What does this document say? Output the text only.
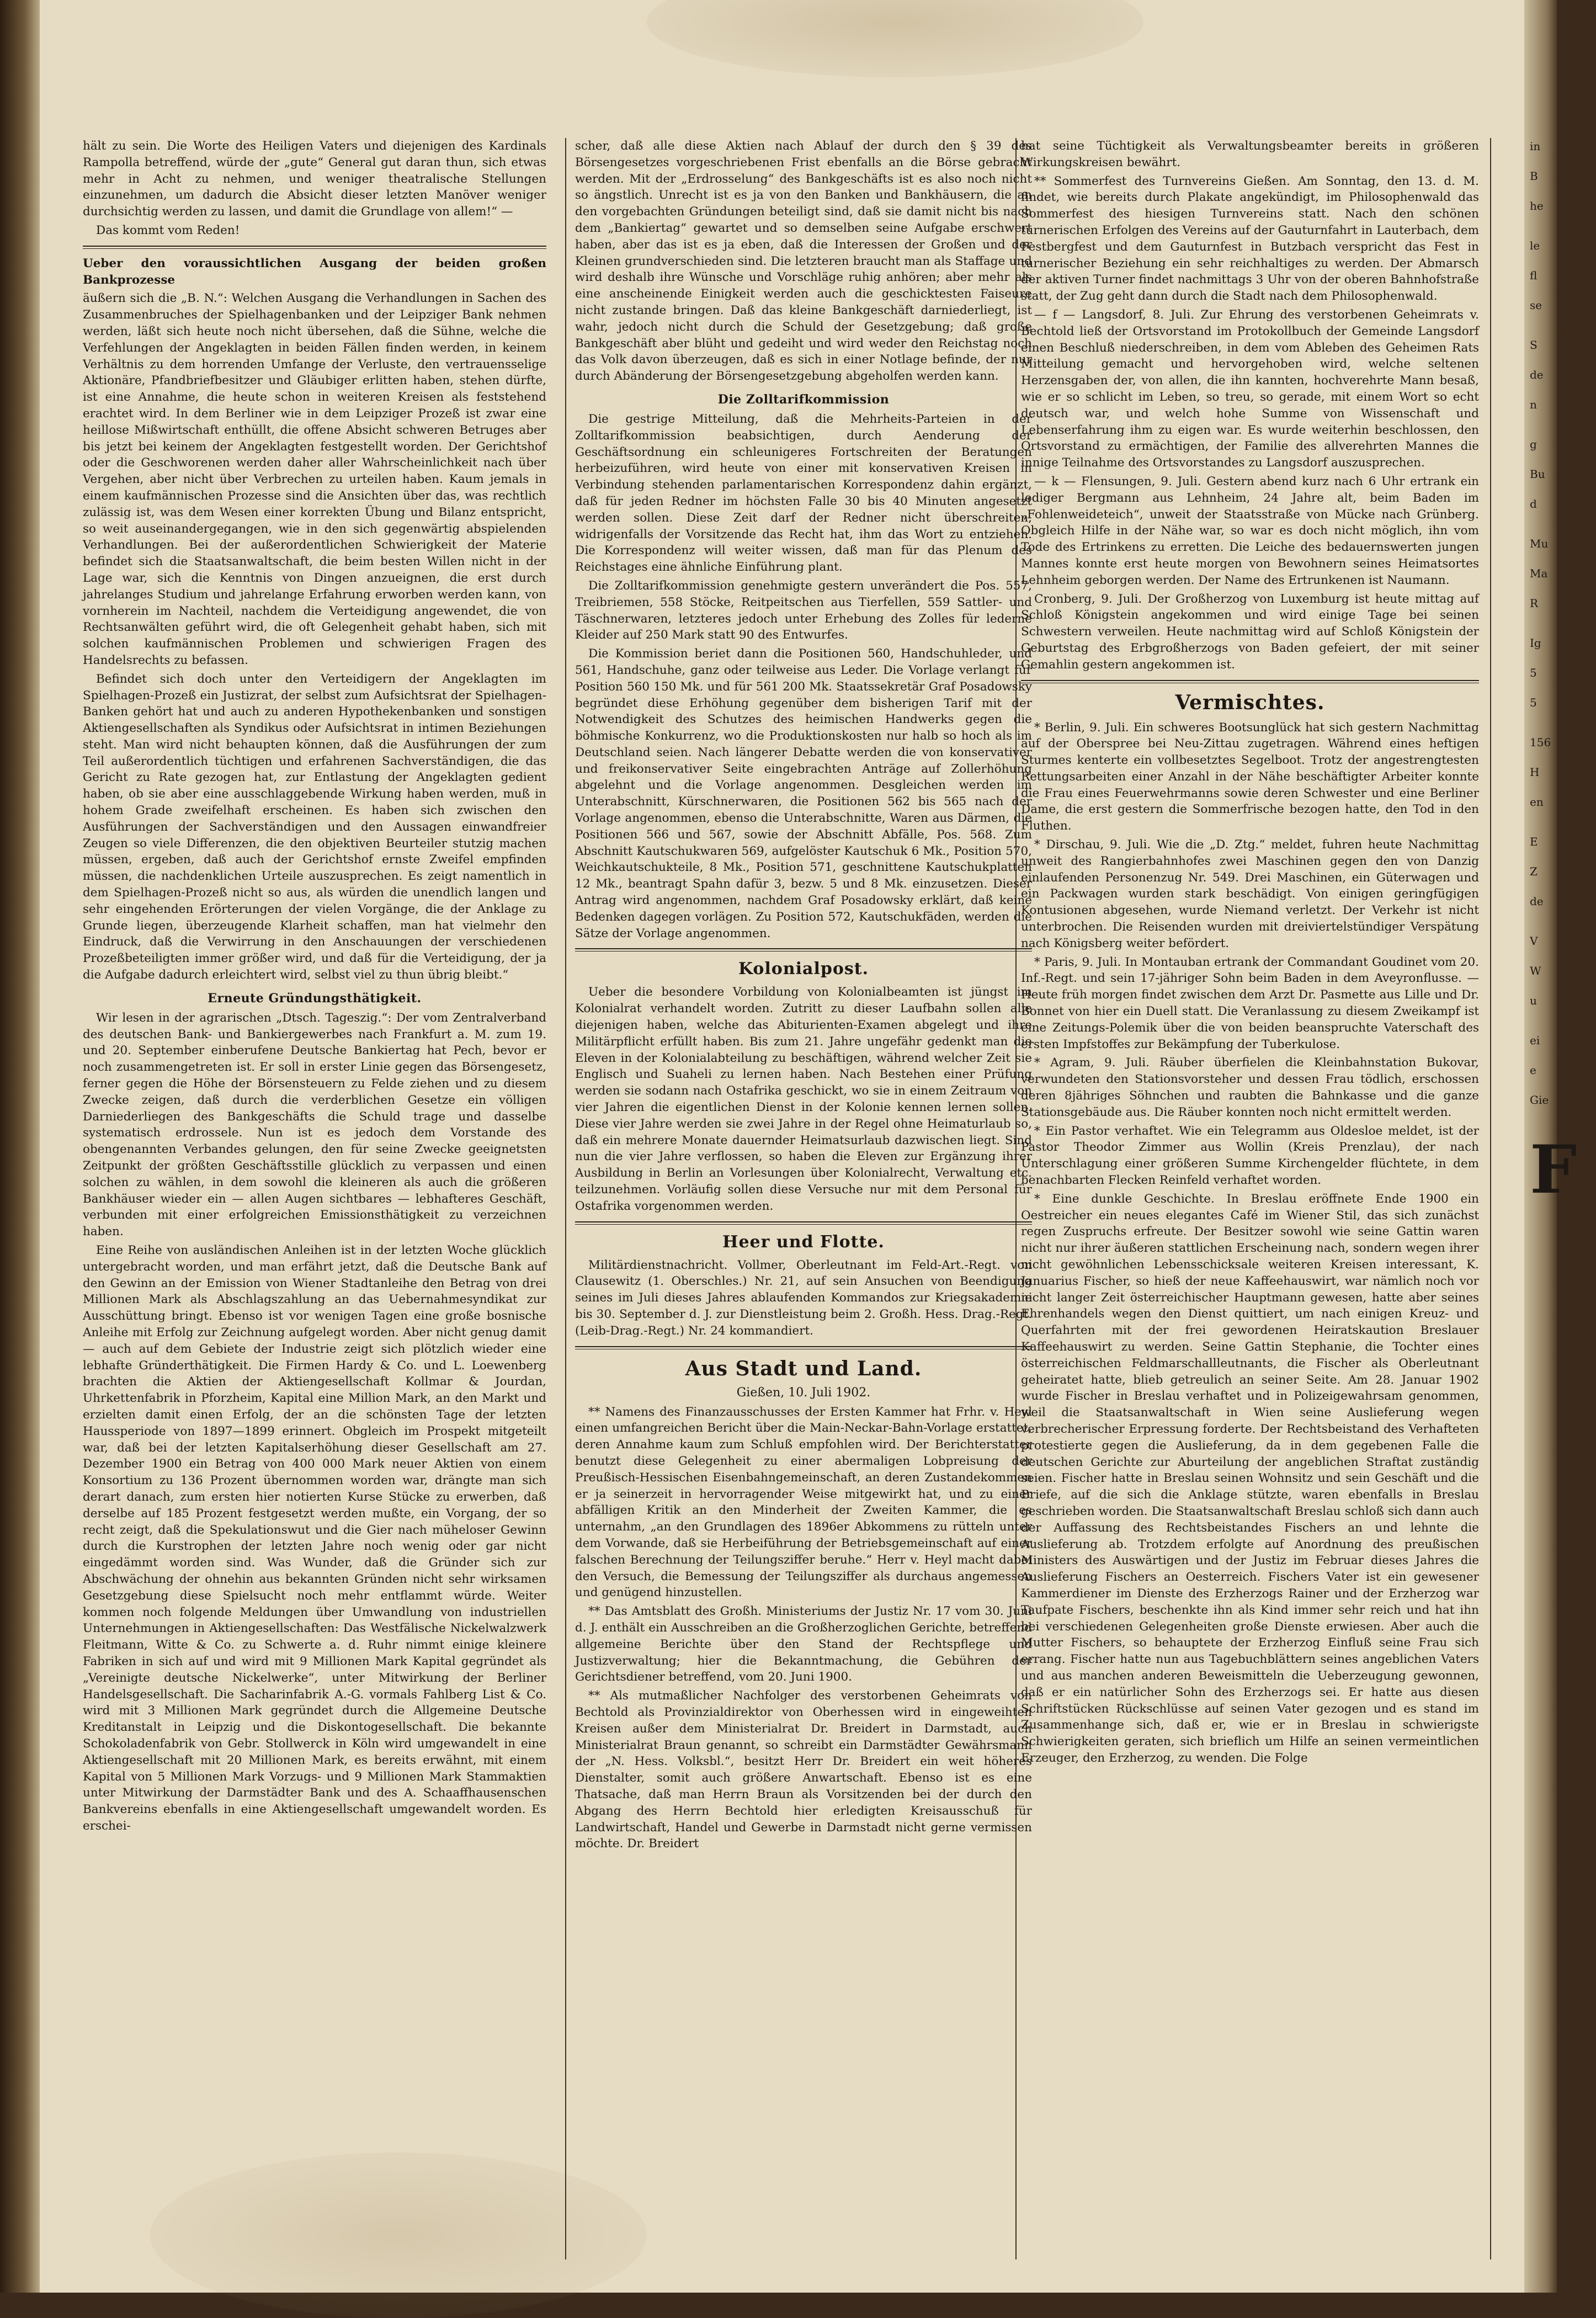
hält zu sein. Die Worte des Heiligen Vaters und diejenigen des Kardinals Rampolla betreffend, würde der „gute“ General gut daran thun, sich etwas mehr in Acht zu nehmen, und weniger theatralische Stellungen einzunehmen, um dadurch die Absicht dieser letzten Manöver weniger durchsichtig werden zu lassen, und damit die Grundlage von allem!“ —

Das kommt vom Reden!

Ueber den voraussichtlichen Ausgang der beiden großen Bankprozesse

äußern sich die „B. N.“: Welchen Ausgang die Verhandlungen in Sachen des Zusammenbruches der Spielhagenbanken und der Leipziger Bank nehmen werden, läßt sich heute noch nicht übersehen, daß die Sühne, welche die Verfehlungen der Angeklagten in beiden Fällen finden werden, in keinem Verhältnis zu dem horrenden Umfange der Verluste, den vertrauensselige Aktionäre, Pfandbriefbesitzer und Gläubiger erlitten haben, stehen dürfte, ist eine Annahme, die heute schon in weiteren Kreisen als feststehend erachtet wird. In dem Berliner wie in dem Leipziger Prozeß ist zwar eine heillose Mißwirtschaft enthüllt, die offene Absicht schweren Betruges aber bis jetzt bei keinem der Angeklagten festgestellt worden. Der Gerichtshof oder die Geschworenen werden daher aller Wahrscheinlichkeit nach über Vergehen, aber nicht über Verbrechen zu urteilen haben. Kaum jemals in einem kaufmännischen Prozesse sind die Ansichten über das, was rechtlich zulässig ist, was dem Wesen einer korrekten Übung und Bilanz entspricht, so weit auseinandergegangen, wie in den sich gegenwärtig abspielenden Verhandlungen. Bei der außerordentlichen Schwierigkeit der Materie befindet sich die Staatsanwaltschaft, die beim besten Willen nicht in der Lage war, sich die Kenntnis von Dingen anzueignen, die erst durch jahrelanges Studium und jahrelange Erfahrung erworben werden kann, von vornherein im Nachteil, nachdem die Verteidigung angewendet, die von Rechtsanwälten geführt wird, die oft Gelegenheit gehabt haben, sich mit solchen kaufmännischen Problemen und schwierigen Fragen des Handelsrechts zu befassen.

Befindet sich doch unter den Verteidigern der Angeklagten im Spielhagen-Prozeß ein Justizrat, der selbst zum Aufsichtsrat der Spielhagen-Banken gehört hat und auch zu anderen Hypothekenbanken und sonstigen Aktiengesellschaften als Syndikus oder Aufsichtsrat in intimen Beziehungen steht. Man wird nicht behaupten können, daß die Ausführungen der zum Teil außerordentlich tüchtigen und erfahrenen Sachverständigen, die das Gericht zu Rate gezogen hat, zur Entlastung der Angeklagten gedient haben, ob sie aber eine ausschlaggebende Wirkung haben werden, muß in hohem Grade zweifelhaft erscheinen. Es haben sich zwischen den Ausführungen der Sachverständigen und den Aussagen einwandfreier Zeugen so viele Differenzen, die den objektiven Beurteiler stutzig machen müssen, ergeben, daß auch der Gerichtshof ernste Zweifel empfinden müssen, die nachdenklichen Urteile auszusprechen. Es zeigt namentlich in dem Spielhagen-Prozeß nicht so aus, als würden die unendlich langen und sehr eingehenden Erörterungen der vielen Vorgänge, die der Anklage zu Grunde liegen, überzeugende Klarheit schaffen, man hat vielmehr den Eindruck, daß die Verwirrung in den Anschauungen der verschiedenen Prozeßbeteiligten immer größer wird, und daß für die Verteidigung, der ja die Aufgabe dadurch erleichtert wird, selbst viel zu thun übrig bleibt.“

Erneute Gründungsthätigkeit.

Wir lesen in der agrarischen „Dtsch. Tageszig.“: Der vom Zentralverband des deutschen Bank- und Bankiergewerbes nach Frankfurt a. M. zum 19. und 20. September einberufene Deutsche Bankiertag hat Pech, bevor er noch zusammengetreten ist. Er soll in erster Linie gegen das Börsengesetz, ferner gegen die Höhe der Börsensteuern zu Felde ziehen und zu diesem Zwecke zeigen, daß durch die verderblichen Gesetze ein völligen Darniederliegen des Bankgeschäfts die Schuld trage und dasselbe systematisch erdrossele. Nun ist es jedoch dem Vorstande des obengenannten Verbandes gelungen, den für seine Zwecke geeignetsten Zeitpunkt der größten Geschäftsstille glücklich zu verpassen und einen solchen zu wählen, in dem sowohl die kleineren als auch die größeren Bankhäuser wieder ein — allen Augen sichtbares — lebhafteres Geschäft, verbunden mit einer erfolgreichen Emissionsthätigkeit zu verzeichnen haben.

Eine Reihe von ausländischen Anleihen ist in der letzten Woche glücklich untergebracht worden, und man erfährt jetzt, daß die Deutsche Bank auf den Gewinn an der Emission von Wiener Stadtanleihe den Betrag von drei Millionen Mark als Abschlagszahlung an das Uebernahmesyndikat zur Ausschüttung bringt. Ebenso ist vor wenigen Tagen eine große bosnische Anleihe mit Erfolg zur Zeichnung aufgelegt worden. Aber nicht genug damit — auch auf dem Gebiete der Industrie zeigt sich plötzlich wieder eine lebhafte Gründerthätigkeit. Die Firmen Hardy & Co. und L. Loewenberg brachten die Aktien der Aktiengesellschaft Kollmar & Jourdan, Uhrkettenfabrik in Pforzheim, Kapital eine Million Mark, an den Markt und erzielten damit einen Erfolg, der an die schönsten Tage der letzten Haussperiode von 1897—1899 erinnert. Obgleich im Prospekt mitgeteilt war, daß bei der letzten Kapitalserhöhung dieser Gesellschaft am 27. Dezember 1900 ein Betrag von 400 000 Mark neuer Aktien von einem Konsortium zu 136 Prozent übernommen worden war, drängte man sich derart danach, zum ersten hier notierten Kurse Stücke zu erwerben, daß derselbe auf 185 Prozent festgesetzt werden mußte, ein Vorgang, der so recht zeigt, daß die Spekulationswut und die Gier nach müheloser Gewinn durch die Kurstrophen der letzten Jahre noch wenig oder gar nicht eingedämmt worden sind. Was Wunder, daß die Gründer sich zur Abschwächung der ohnehin aus bekannten Gründen nicht sehr wirksamen Gesetzgebung diese Spielsucht noch mehr entflammt würde. Weiter kommen noch folgende Meldungen über Umwandlung von industriellen Unternehmungen in Aktiengesellschaften: Das Westfälische Nickelwalzwerk Fleitmann, Witte & Co. zu Schwerte a. d. Ruhr nimmt einige kleinere Fabriken in sich auf und wird mit 9 Millionen Mark Kapital gegründet als „Vereinigte deutsche Nickelwerke“, unter Mitwirkung der Berliner Handelsgesellschaft. Die Sacharinfabrik A.-G. vormals Fahlberg List & Co. wird mit 3 Millionen Mark gegründet durch die Allgemeine Deutsche Kreditanstalt in Leipzig und die Diskontogesellschaft. Die bekannte Schokoladenfabrik von Gebr. Stollwerck in Köln wird umgewandelt in eine Aktiengesellschaft mit 20 Millionen Mark, es bereits erwähnt, mit einem Kapital von 5 Millionen Mark Vorzugs- und 9 Millionen Mark Stammaktien unter Mitwirkung der Darmstädter Bank und des A. Schaaffhausenschen Bankvereins ebenfalls in eine Aktiengesellschaft umgewandelt worden. Es erschei-

scher, daß alle diese Aktien nach Ablauf der durch den § 39 des Börsengesetzes vorgeschriebenen Frist ebenfalls an die Börse gebracht werden. Mit der „Erdrosselung“ des Bankgeschäfts ist es also noch nicht so ängstlich. Unrecht ist es ja von den Banken und Bankhäusern, die an den vorgebachten Gründungen beteiligt sind, daß sie damit nicht bis nach dem „Bankiertag“ gewartet und so demselben seine Aufgabe erschwert haben, aber das ist es ja eben, daß die Interessen der Großen und der Kleinen grundverschieden sind. Die letzteren braucht man als Staffage und wird deshalb ihre Wünsche und Vorschläge ruhig anhören; aber mehr als eine anscheinende Einigkeit werden auch die geschicktesten Faiseure nicht zustande bringen. Daß das kleine Bankgeschäft darniederliegt, ist wahr, jedoch nicht durch die Schuld der Gesetzgebung; daß große Bankgeschäft aber blüht und gedeiht und wird weder den Reichstag noch das Volk davon überzeugen, daß es sich in einer Notlage befinde, der nur durch Abänderung der Börsengesetzgebung abgeholfen werden kann.

Die Zolltarifkommission

Die gestrige Mitteilung, daß die Mehrheits-Parteien in der Zolltarifkommission beabsichtigen, durch Aenderung der Geschäftsordnung ein schleunigeres Fortschreiten der Beratungen herbeizuführen, wird heute von einer mit konservativen Kreisen in Verbindung stehenden parlamentarischen Korrespondenz dahin ergänzt, daß für jeden Redner im höchsten Falle 30 bis 40 Minuten angesetzt werden sollen. Diese Zeit darf der Redner nicht überschreiten, widrigenfalls der Vorsitzende das Recht hat, ihm das Wort zu entziehen. Die Korrespondenz will weiter wissen, daß man für das Plenum des Reichstages eine ähnliche Einführung plant.

Die Zolltarifkommission genehmigte gestern unverändert die Pos. 557, Treibriemen, 558 Stöcke, Reitpeitschen aus Tierfellen, 559 Sattler- und Täschnerwaren, letzteres jedoch unter Erhebung des Zolles für lederne Kleider auf 250 Mark statt 90 des Entwurfes.

Die Kommission beriet dann die Positionen 560, Handschuhleder, und 561, Handschuhe, ganz oder teilweise aus Leder. Die Vorlage verlangt für Position 560 150 Mk. und für 561 200 Mk. Staatssekretär Graf Posadowsky begründet diese Erhöhung gegenüber dem bisherigen Tarif mit der Notwendigkeit des Schutzes des heimischen Handwerks gegen die böhmische Konkurrenz, wo die Produktionskosten nur halb so hoch als im Deutschland seien. Nach längerer Debatte werden die von konservativer und freikonservativer Seite eingebrachten Anträge auf Zollerhöhung abgelehnt und die Vorlage angenommen. Desgleichen werden im Unterabschnitt, Kürschnerwaren, die Positionen 562 bis 565 nach der Vorlage angenommen, ebenso die Unterabschnitte, Waren aus Därmen, die Positionen 566 und 567, sowie der Abschnitt Abfälle, Pos. 568. Zum Abschnitt Kautschukwaren 569, aufgelöster Kautschuk 6 Mk., Position 570, Weichkautschukteile, 8 Mk., Position 571, geschnittene Kautschukplatten 12 Mk., beantragt Spahn dafür 3, bezw. 5 und 8 Mk. einzusetzen. Dieser Antrag wird angenommen, nachdem Graf Posadowsky erklärt, daß keine Bedenken dagegen vorlägen. Zu Position 572, Kautschukfäden, werden die Sätze der Vorlage angenommen.

Kolonialpost.

Ueber die besondere Vorbildung von Kolonialbeamten ist jüngst im Kolonialrat verhandelt worden. Zutritt zu dieser Laufbahn sollen alle diejenigen haben, welche das Abiturienten-Examen abgelegt und ihre Militärpflicht erfüllt haben. Bis zum 21. Jahre ungefähr gedenkt man die Eleven in der Kolonialabteilung zu beschäftigen, während welcher Zeit sie Englisch und Suaheli zu lernen haben. Nach Bestehen einer Prüfung werden sie sodann nach Ostafrika geschickt, wo sie in einem Zeitraum von vier Jahren die eigentlichen Dienst in der Kolonie kennen lernen sollen. Diese vier Jahre werden sie zwei Jahre in der Regel ohne Heimaturlaub so, daß ein mehrere Monate dauernder Heimatsurlaub dazwischen liegt. Sind nun die vier Jahre verflossen, so haben die Eleven zur Ergänzung ihrer Ausbildung in Berlin an Vorlesungen über Kolonialrecht, Verwaltung etc. teilzunehmen. Vorläufig sollen diese Versuche nur mit dem Personal für Ostafrika vorgenommen werden.

Heer und Flotte.

Militärdienstnachricht. Vollmer, Oberleutnant im Feld-Art.-Regt. von Clausewitz (1. Oberschles.) Nr. 21, auf sein Ansuchen von Beendigung seines im Juli dieses Jahres ablaufenden Kommandos zur Kriegsakademie bis 30. September d. J. zur Dienstleistung beim 2. Großh. Hess. Drag.-Regt. (Leib-Drag.-Regt.) Nr. 24 kommandiert.

Aus Stadt und Land.
Gießen, 10. Juli 1902.

** Namens des Finanzausschusses der Ersten Kammer hat Frhr. v. Heyl einen umfangreichen Bericht über die Main-Neckar-Bahn-Vorlage erstattet, deren Annahme kaum zum Schluß empfohlen wird. Der Berichterstatter benutzt diese Gelegenheit zu einer abermaligen Lobpreisung der Preußisch-Hessischen Eisenbahngemeinschaft, an deren Zustandekommen er ja seinerzeit in hervorragender Weise mitgewirkt hat, und zu einer abfälligen Kritik an den Minderheit der Zweiten Kammer, die es unternahm, „an den Grundlagen des 1896er Abkommens zu rütteln unter dem Vorwande, daß sie Herbeiführung der Betriebsgemeinschaft auf einer falschen Berechnung der Teilungsziffer beruhe.“ Herr v. Heyl macht dabei den Versuch, die Bemessung der Teilungsziffer als durchaus angemessen und genügend hinzustellen.

** Das Amtsblatt des Großh. Ministeriums der Justiz Nr. 17 vom 30. Juni d. J. enthält ein Ausschreiben an die Großherzoglichen Gerichte, betreffend allgemeine Berichte über den Stand der Rechtspflege und Justizverwaltung; hier die Bekanntmachung, die Gebühren der Gerichtsdiener betreffend, vom 20. Juni 1900.

** Als mutmaßlicher Nachfolger des verstorbenen Geheimrats von Bechtold als Provinzialdirektor von Oberhessen wird in eingeweihten Kreisen außer dem Ministerialrat Dr. Breidert in Darmstadt, auch Ministerialrat Braun genannt, so schreibt ein Darmstädter Gewährsmann der „N. Hess. Volksbl.“, besitzt Herr Dr. Breidert ein weit höheres Dienstalter, somit auch größere Anwartschaft. Ebenso ist es eine Thatsache, daß man Herrn Braun als Vorsitzenden bei der durch den Abgang des Herrn Bechtold hier erledigten Kreisausschuß für Landwirtschaft, Handel und Gewerbe in Darmstadt nicht gerne vermissen möchte. Dr. Breidert

hat seine Tüchtigkeit als Verwaltungsbeamter bereits in größeren Wirkungskreisen bewährt.

** Sommerfest des Turnvereins Gießen. Am Sonntag, den 13. d. M. findet, wie bereits durch Plakate angekündigt, im Philosophenwald das Sommerfest des hiesigen Turnvereins statt. Nach den schönen turnerischen Erfolgen des Vereins auf der Gauturnfahrt in Lauterbach, dem Festbergfest und dem Gauturnfest in Butzbach verspricht das Fest in turnerischer Beziehung ein sehr reichhaltiges zu werden. Der Abmarsch der aktiven Turner findet nachmittags 3 Uhr von der oberen Bahnhofstraße statt, der Zug geht dann durch die Stadt nach dem Philosophenwald.

— f — Langsdorf, 8. Juli. Zur Ehrung des verstorbenen Geheimrats v. Bechtold ließ der Ortsvorstand im Protokollbuch der Gemeinde Langsdorf einen Beschluß niederschreiben, in dem vom Ableben des Geheimen Rats Mitteilung gemacht und hervorgehoben wird, welche seltenen Herzensgaben der, von allen, die ihn kannten, hochverehrte Mann besaß, wie er so schlicht im Leben, so treu, so gerade, mit einem Wort so echt deutsch war, und welch hohe Summe von Wissenschaft und Lebenserfahrung ihm zu eigen war. Es wurde weiterhin beschlossen, den Ortsvorstand zu ermächtigen, der Familie des allverehrten Mannes die innige Teilnahme des Ortsvorstandes zu Langsdorf auszusprechen.

— k — Flensungen, 9. Juli. Gestern abend kurz nach 6 Uhr ertrank ein lediger Bergmann aus Lehnheim, 24 Jahre alt, beim Baden im „Fohlenweideteich“, unweit der Staatsstraße von Mücke nach Grünberg. Obgleich Hilfe in der Nähe war, so war es doch nicht möglich, ihn vom Tode des Ertrinkens zu erretten. Die Leiche des bedauernswerten jungen Mannes konnte erst heute morgen von Bewohnern seines Heimatsortes Lehnheim geborgen werden. Der Name des Ertrunkenen ist Naumann.

Cronberg, 9. Juli. Der Großherzog von Luxemburg ist heute mittag auf Schloß Königstein angekommen und wird einige Tage bei seinen Schwestern verweilen. Heute nachmittag wird auf Schloß Königstein der Geburtstag des Erbgroßherzogs von Baden gefeiert, der mit seiner Gemahlin gestern angekommen ist.

Vermischtes.

* Berlin, 9. Juli. Ein schweres Bootsunglück hat sich gestern Nachmittag auf der Oberspree bei Neu-Zittau zugetragen. Während eines heftigen Sturmes kenterte ein vollbesetztes Segelboot. Trotz der angestrengtesten Rettungsarbeiten einer Anzahl in der Nähe beschäftigter Arbeiter konnte die Frau eines Feuerwehrmanns sowie deren Schwester und eine Berliner Dame, die erst gestern die Sommerfrische bezogen hatte, den Tod in den Fluthen.

* Dirschau, 9. Juli. Wie die „D. Ztg.“ meldet, fuhren heute Nachmittag unweit des Rangierbahnhofes zwei Maschinen gegen den von Danzig einlaufenden Personenzug Nr. 549. Drei Maschinen, ein Güterwagen und ein Packwagen wurden stark beschädigt. Von einigen geringfügigen Kontusionen abgesehen, wurde Niemand verletzt. Der Verkehr ist nicht unterbrochen. Die Reisenden wurden mit dreiviertelstündiger Verspätung nach Königsberg weiter befördert.

* Paris, 9. Juli. In Montauban ertrank der Commandant Goudinet vom 20. Inf.-Regt. und sein 17-jähriger Sohn beim Baden in dem Aveyronflusse. — Heute früh morgen findet zwischen dem Arzt Dr. Pasmette aus Lille und Dr. Bonnet von hier ein Duell statt. Die Veranlassung zu diesem Zweikampf ist eine Zeitungs-Polemik über die von beiden beanspruchte Vaterschaft des ersten Impfstoffes zur Bekämpfung der Tuberkulose.

* Agram, 9. Juli. Räuber überfielen die Kleinbahnstation Bukovar, verwundeten den Stationsvorsteher und dessen Frau tödlich, erschossen deren 8jähriges Söhnchen und raubten die Bahnkasse und die ganze Stationsgebäude aus. Die Räuber konnten noch nicht ermittelt werden.

* Ein Pastor verhaftet. Wie ein Telegramm aus Oldesloe meldet, ist der Pastor Theodor Zimmer aus Wollin (Kreis Prenzlau), der nach Unterschlagung einer größeren Summe Kirchengelder flüchtete, in dem benachbarten Flecken Reinfeld verhaftet worden.

* Eine dunkle Geschichte. In Breslau eröffnete Ende 1900 ein Oestreicher ein neues elegantes Café im Wiener Stil, das sich zunächst regen Zuspruchs erfreute. Der Besitzer sowohl wie seine Gattin waren nicht nur ihrer äußeren stattlichen Erscheinung nach, sondern wegen ihrer nicht gewöhnlichen Lebensschicksale weiteren Kreisen interessant, K. Januarius Fischer, so hieß der neue Kaffeehauswirt, war nämlich noch vor nicht langer Zeit österreichischer Hauptmann gewesen, hatte aber seines Ehrenhandels wegen den Dienst quittiert, um nach einigen Kreuz- und Querfahrten mit der frei gewordenen Heiratskaution Breslauer Kaffeehauswirt zu werden. Seine Gattin Stephanie, die Tochter eines österreichischen Feldmarschallleutnants, die Fischer als Oberleutnant geheiratet hatte, blieb getreulich an seiner Seite. Am 28. Januar 1902 wurde Fischer in Breslau verhaftet und in Polizeigewahrsam genommen, weil die Staatsanwaltschaft in Wien seine Auslieferung wegen verbrecherischer Erpressung forderte. Der Rechtsbeistand des Verhafteten protestierte gegen die Auslieferung, da in dem gegebenen Falle die deutschen Gerichte zur Aburteilung der angeblichen Straftat zuständig seien. Fischer hatte in Breslau seinen Wohnsitz und sein Geschäft und die Briefe, auf die sich die Anklage stützte, waren ebenfalls in Breslau geschrieben worden. Die Staatsanwaltschaft Breslau schloß sich dann auch der Auffassung des Rechtsbeistandes Fischers an und lehnte die Auslieferung ab. Trotzdem erfolgte auf Anordnung des preußischen Ministers des Auswärtigen und der Justiz im Februar dieses Jahres die Auslieferung Fischers an Oesterreich. Fischers Vater ist ein gewesener Kammerdiener im Dienste des Erzherzogs Rainer und der Erzherzog war Taufpate Fischers, beschenkte ihn als Kind immer sehr reich und hat ihn bei verschiedenen Gelegenheiten große Dienste erwiesen. Aber auch die Mutter Fischers, so behauptete der Erzherzog Einfluß seine Frau sich errang. Fischer hatte nun aus Tagebuchblättern seines angeblichen Vaters und aus manchen anderen Beweismitteln die Ueberzeugung gewonnen, daß er ein natürlicher Sohn des Erzherzogs sei. Er hatte aus diesen Schriftstücken Rückschlüsse auf seinen Vater gezogen und es stand im Zusammenhange sich, daß er, wie er in Breslau in schwierigste Schwierigkeiten geraten, sich brieflich um Hilfe an seinen vermeintlichen Erzeuger, den Erzherzog, zu wenden. Die Folge

in
B
he
le
fl
se
S
de
n
g
Bu
d
Mu
Ma
R
Ig
5
5
156
H
en
E
Z
de
V
W
u
ei
e
Gie
F
